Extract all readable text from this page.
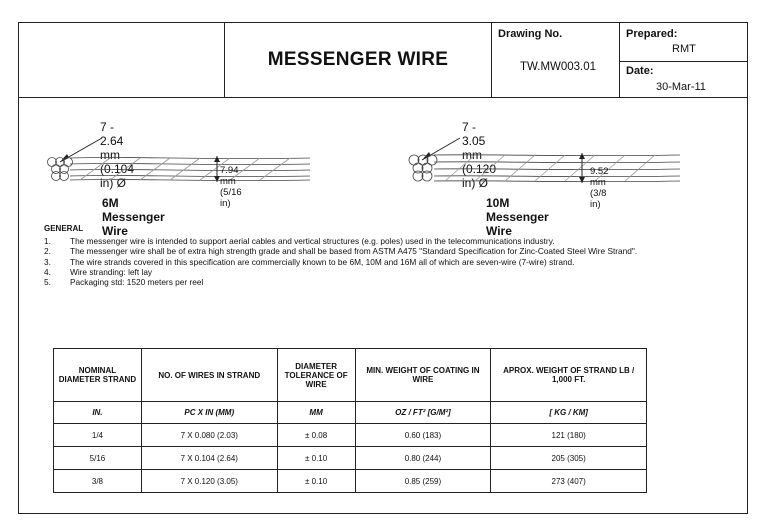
MESSENGER WIRE
Drawing No.
TW.MW003.01
Prepared:
RMT
Date:
30-Mar-11
7 - 2.64 mm (0.104 in) Ø
7.94 mm (5/16 in)
6M Messenger Wire
7 - 3.05 mm (0.120 in) Ø
9.52 mm (3/8 in)
10M Messenger Wire
GENERAL
1.	The messenger wire is intended to support aerial cables and vertical structures (e.g. poles) used in the telecommunications industry.
2.	The messenger wire shall be of extra high strength grade and shall be based from ASTM A475 "Standard Specification for Zinc-Coated Steel Wire Strand".
3.	The wire strands covered in this specification are commercially known to be 6M, 10M and 16M all of which are seven-wire (7-wire) strand.
4.	Wire stranding: left lay
5.	Packaging std: 1520 meters per reel
NOMINAL DIAMETER STRAND	NO. OF WIRES IN STRAND	DIAMETER TOLERANCE OF WIRE	MIN. WEIGHT OF COATING IN WIRE	APROX. WEIGHT OF STRAND LB / 1,000 FT.
IN.	PC X IN (MM)	MM	OZ / FT² [G/M²]	[ KG / KM]
1/4	7 X 0.080 (2.03)	± 0.08	0.60 (183)	121 (180)
5/16	7 X 0.104 (2.64)	± 0.10	0.80 (244)	205 (305)
3/8	7 X 0.120 (3.05)	± 0.10	0.85 (259)	273 (407)
